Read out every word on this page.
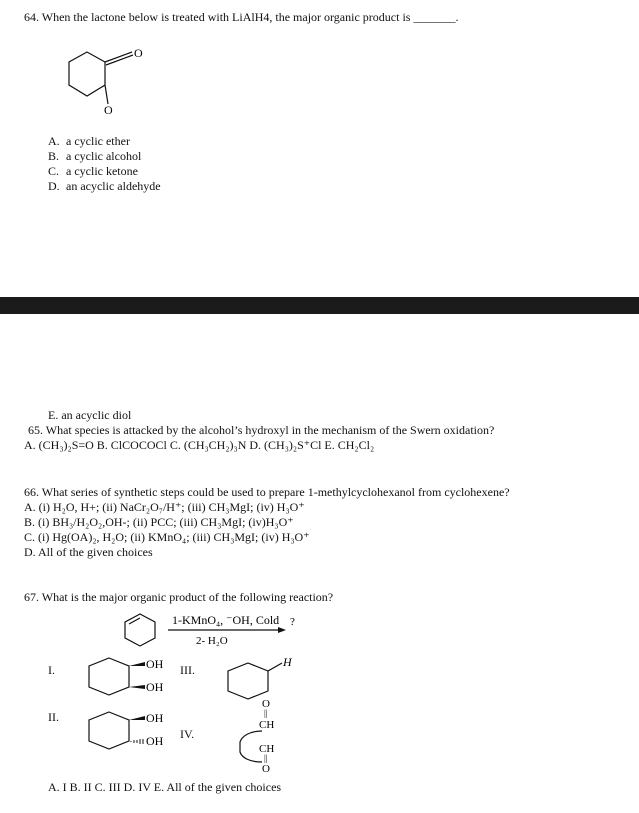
64. When the lactone below is treated with LiAlH4, the major organic product is _______.
O
O
A. a cyclic ether
B. a cyclic alcohol
C. a cyclic ketone
D. an acyclic aldehyde
E. an acyclic diol
65. What species is attacked by the alcohol’s hydroxyl in the mechanism of the Swern oxidation?
A. (CH₃)₂S=O B. ClCOCOCl C. (CH₃CH₂)₃N D. (CH₃)₂S⁺Cl E. CH₂Cl₂
66. What series of synthetic steps could be used to prepare 1-methylcyclohexanol from cyclohexene?
A. (i) H₂O, H+; (ii) NaCr₂O₇/H⁺; (iii) CH₃MgI; (iv) H₃O⁺
B. (i) BH₃/H₂O₂,OH-; (ii) PCC; (iii) CH₃MgI; (iv)H₃O⁺
C. (i) Hg(OA)₂, H₂O; (ii) KMnO₄; (iii) CH₃MgI; (iv) H₃O⁺
D. All of the given choices
67. What is the major organic product of the following reaction?
1-KMnO₄, ⁻OH, Cold
2- H₂O
?
I.
II.
III.
IV.
OH
OH
OH
OH
H
O
||
CH
CH
||
O
A. I B. II C. III D. IV E. All of the given choices
